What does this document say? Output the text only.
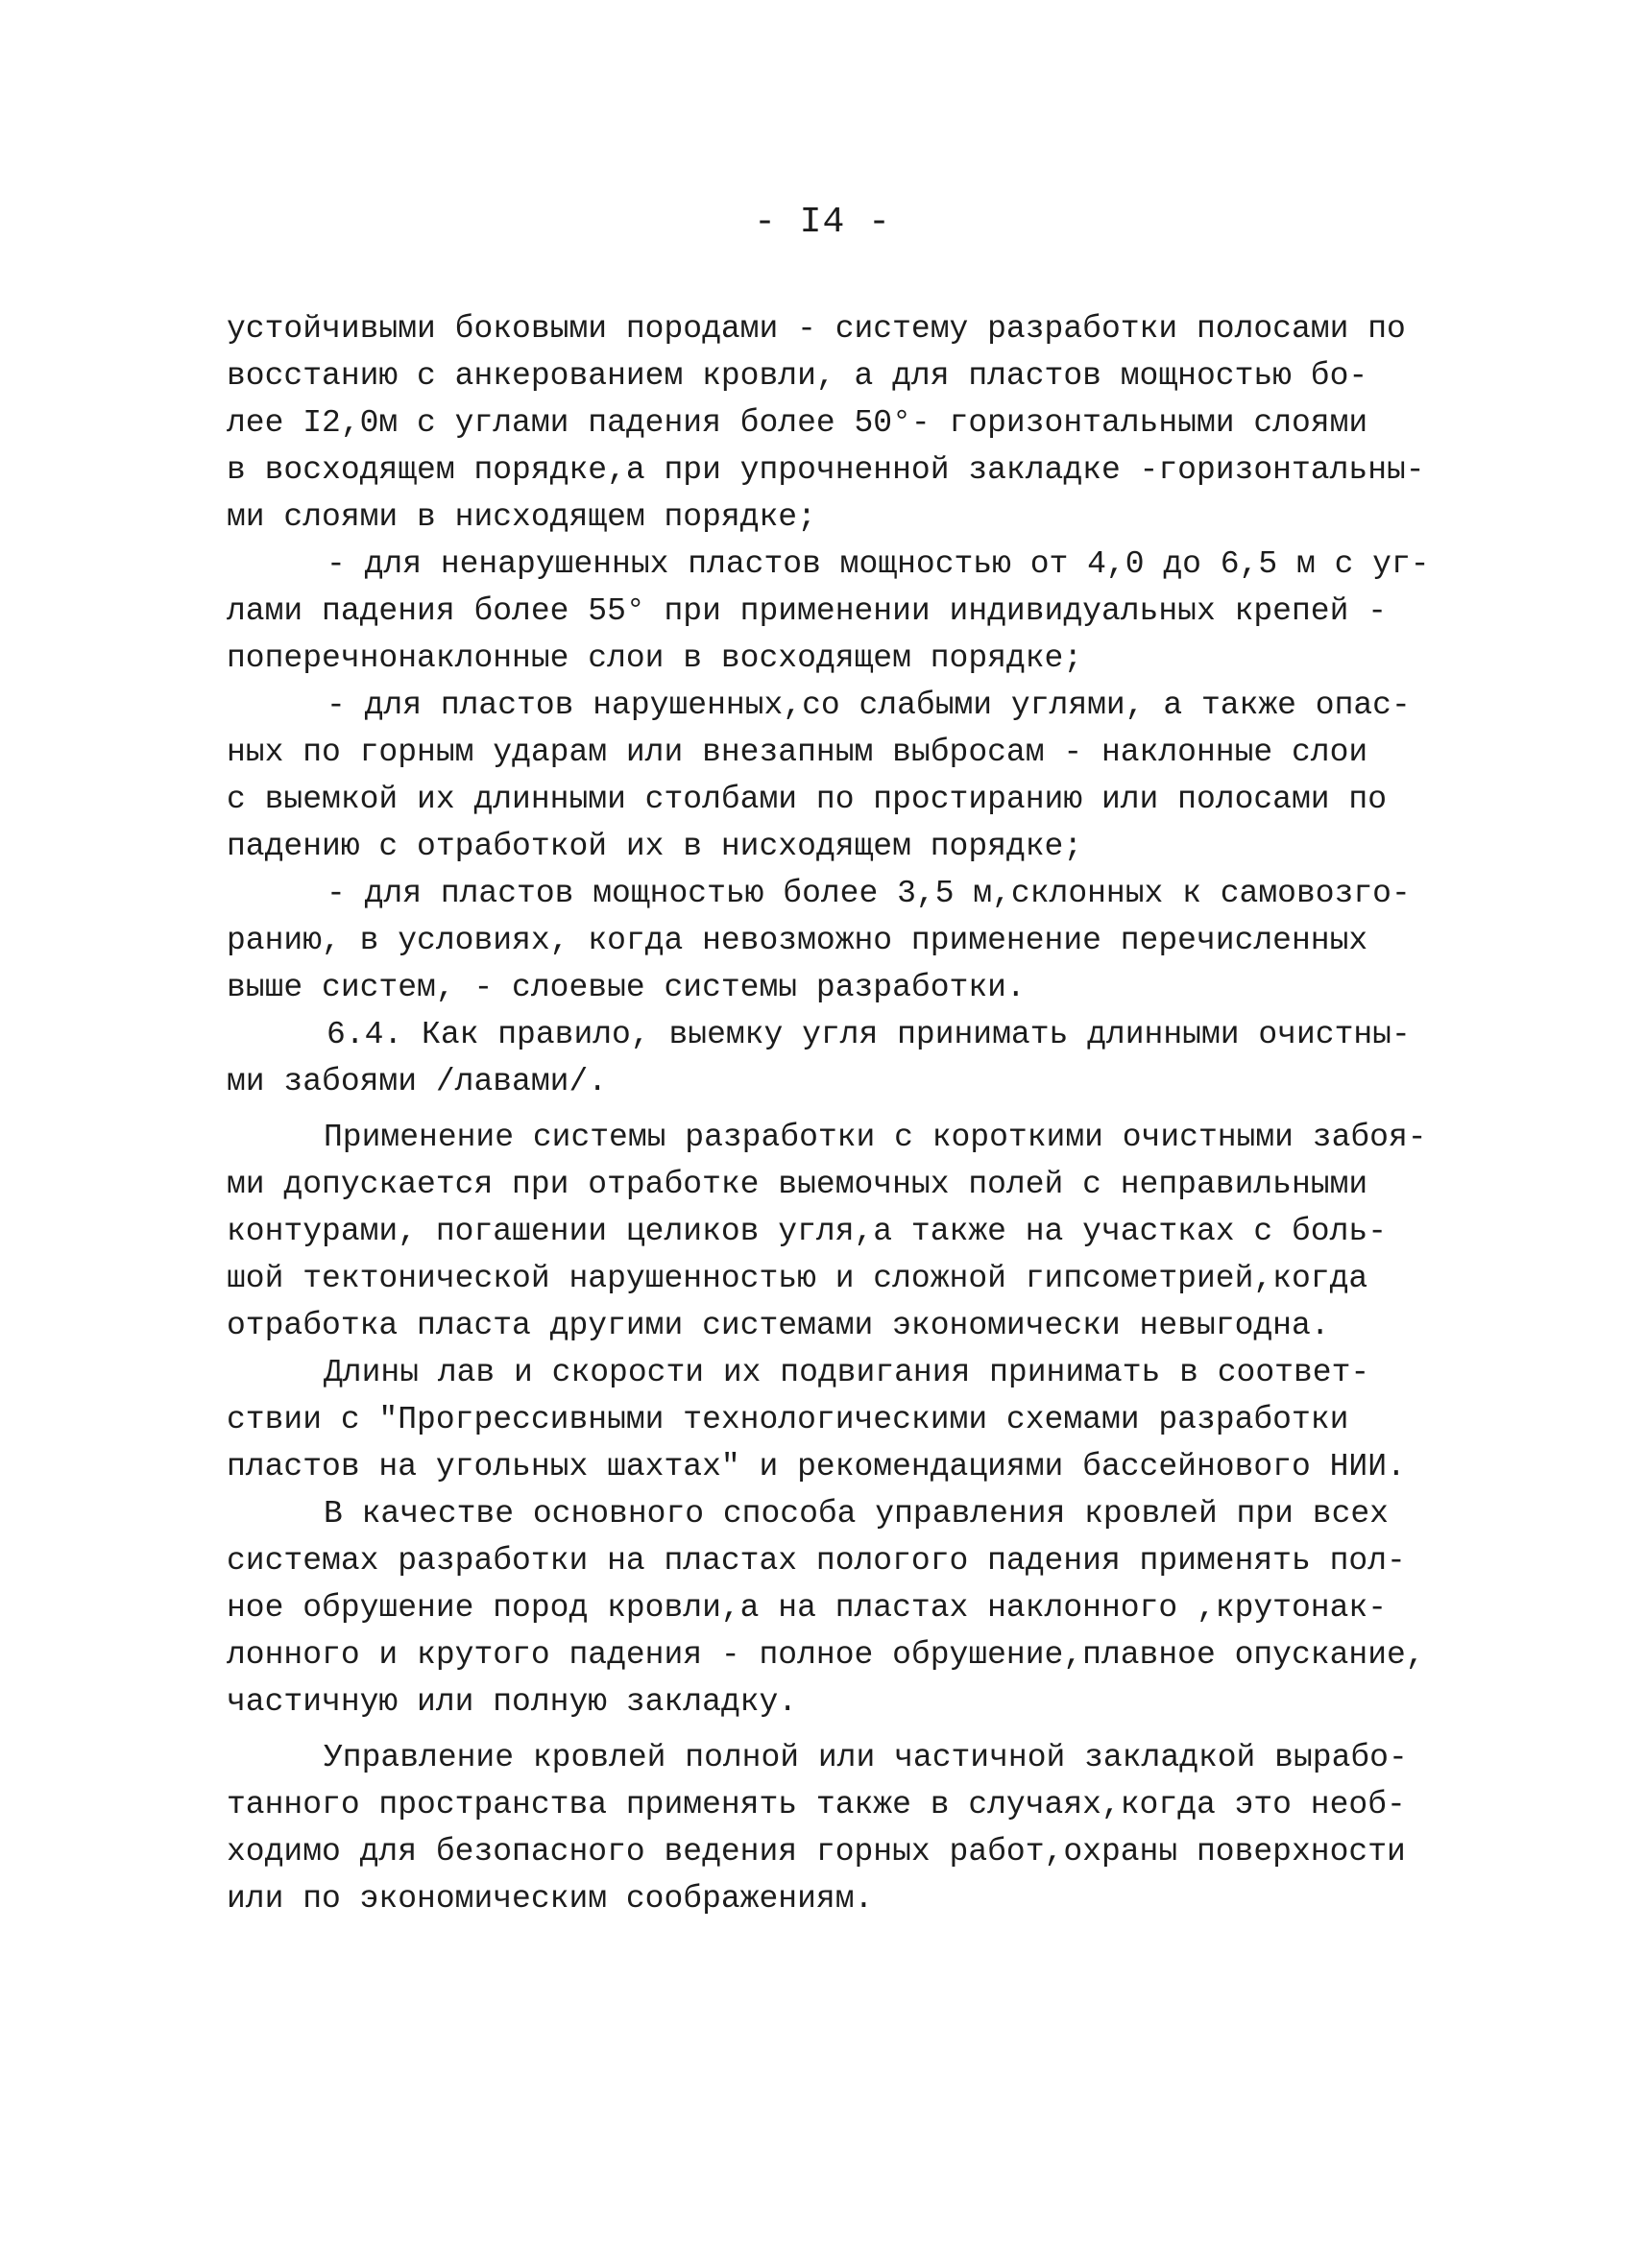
- I4 -
устойчивыми боковыми породами - систему разработки полосами по
восстанию с анкерованием кровли, а для пластов мощностью бо-
лее I2,0м с углами падения более 50°- горизонтальными слоями
в восходящем порядке,а при упрочненной закладке -горизонтальны-
ми слоями в нисходящем порядке;
- для ненарушенных пластов мощностью от 4,0 до 6,5 м с уг-
лами падения более 55° при применении индивидуальных крепей -
поперечнонаклонные слои в восходящем порядке;
- для пластов нарушенных,со слабыми углями, а также опас-
ных по горным ударам или внезапным выбросам - наклонные слои
с выемкой их длинными столбами по простиранию или полосами по
падению с отработкой их в нисходящем порядке;
- для пластов мощностью более 3,5 м,склонных к самовозго-
ранию, в условиях, когда невозможно применение перечисленных
выше систем, - слоевые системы разработки.
6.4. Как правило, выемку угля принимать длинными очистны-
ми забоями /лавами/.
Применение системы разработки с короткими очистными забоя-
ми допускается при отработке выемочных полей с неправильными
контурами, погашении целиков угля,а также на участках с боль-
шой тектонической нарушенностью и сложной гипсометрией,когда
отработка пласта другими системами экономически невыгодна.
Длины лав и скорости их подвигания принимать в соответ-
ствии с "Прогрессивными технологическими схемами разработки
пластов на угольных шахтах" и рекомендациями бассейнового НИИ.
В качестве основного способа управления кровлей при всех
системах разработки на пластах пологого падения применять пол-
ное обрушение пород кровли,а на пластах наклонного ,крутонак-
лонного и крутого падения - полное обрушение,плавное опускание,
частичную или полную закладку.
Управление кровлей полной или частичной закладкой вырабо-
танного пространства применять также в случаях,когда это необ-
ходимо для безопасного ведения горных работ,охраны поверхности
или по экономическим соображениям.
